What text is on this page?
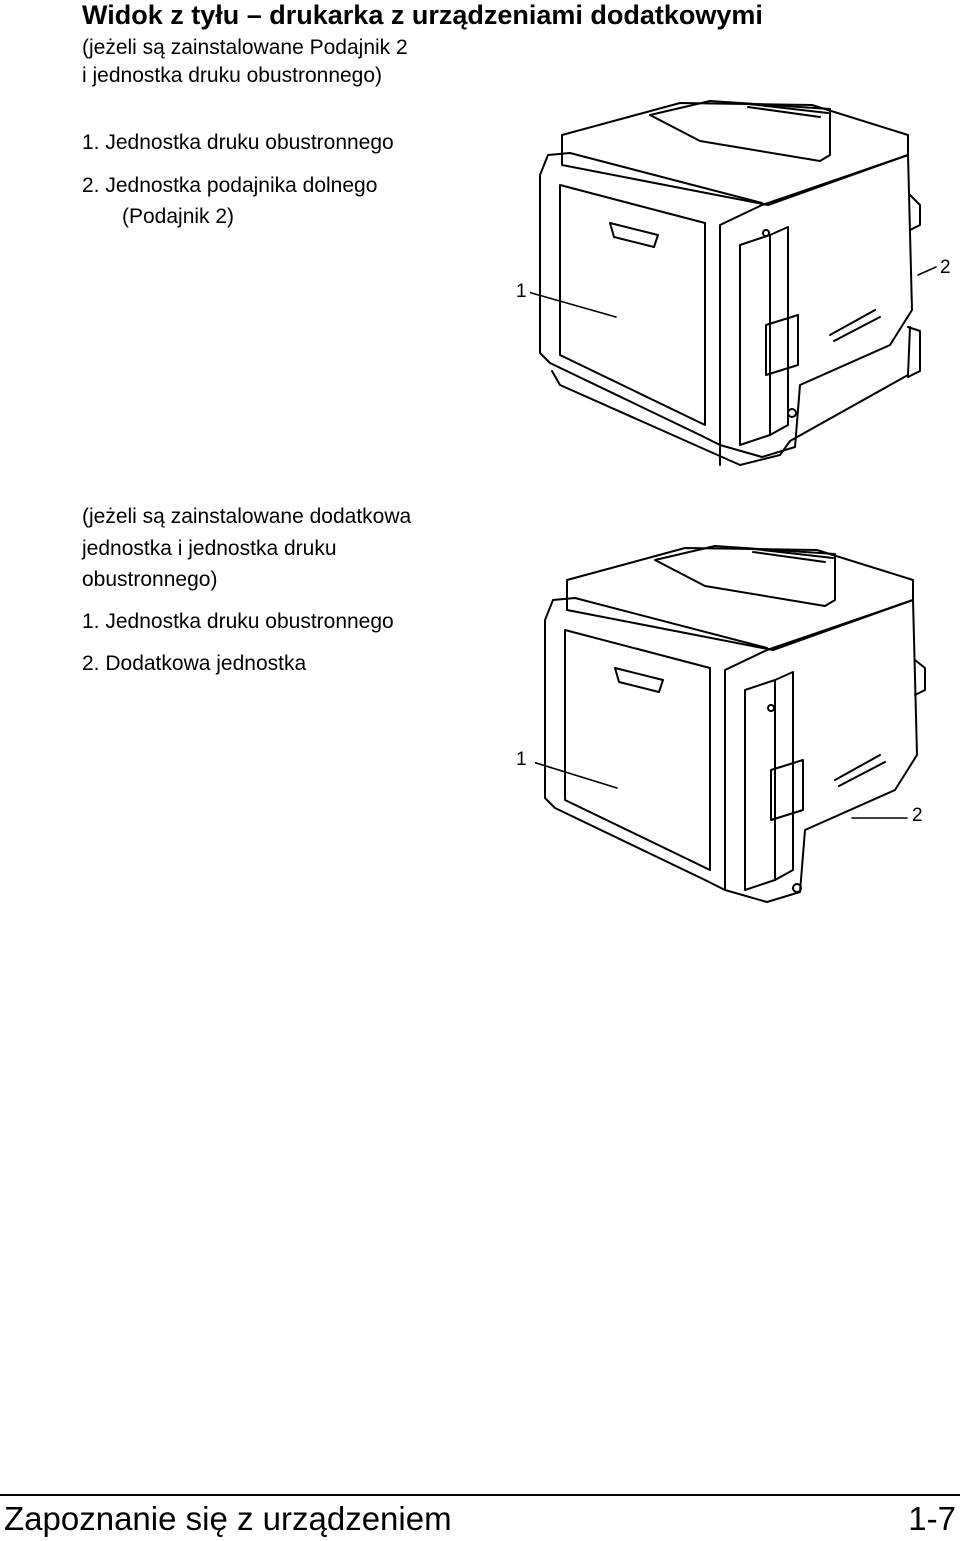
Widok z tyłu – drukarka z urządzeniami dodatkowymi
(jeżeli są zainstalowane Podajnik 2
i jednostka druku obustronnego)
1. Jednostka druku obustronnego
2. Jednostka podajnika dolnego
(Podajnik 2)
1
2
(jeżeli są zainstalowane dodatkowa
jednostka i jednostka druku
obustronnego)
1. Jednostka druku obustronnego
2. Dodatkowa jednostka
1
2
Zapoznanie się z urządzeniem	1-7
